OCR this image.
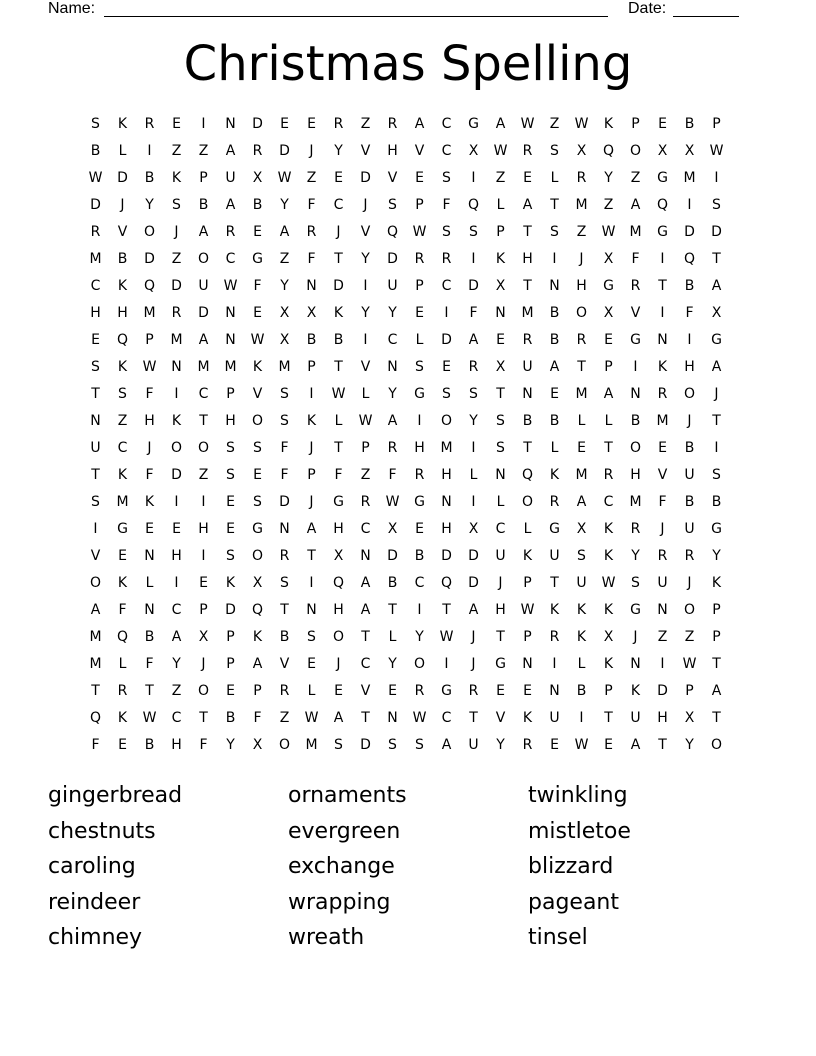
Name:	Date:
Christmas Spelling
S	K	R	E	I	N	D	E	E	R	Z	R	A	C	G	A	W	Z	W	K	P	E	B	P
B	L	I	Z	Z	A	R	D	J	Y	V	H	V	C	X	W	R	S	X	Q	O	X	X	W
W	D	B	K	P	U	X	W	Z	E	D	V	E	S	I	Z	E	L	R	Y	Z	G	M	I
D	J	Y	S	B	A	B	Y	F	C	J	S	P	F	Q	L	A	T	M	Z	A	Q	I	S
R	V	O	J	A	R	E	A	R	J	V	Q	W	S	S	P	T	S	Z	W	M	G	D	D
M	B	D	Z	O	C	G	Z	F	T	Y	D	R	R	I	K	H	I	J	X	F	I	Q	T
C	K	Q	D	U	W	F	Y	N	D	I	U	P	C	D	X	T	N	H	G	R	T	B	A
H	H	M	R	D	N	E	X	X	K	Y	Y	E	I	F	N	M	B	O	X	V	I	F	X
E	Q	P	M	A	N	W	X	B	B	I	C	L	D	A	E	R	B	R	E	G	N	I	G
S	K	W	N	M	M	K	M	P	T	V	N	S	E	R	X	U	A	T	P	I	K	H	A
T	S	F	I	C	P	V	S	I	W	L	Y	G	S	S	T	N	E	M	A	N	R	O	J
N	Z	H	K	T	H	O	S	K	L	W	A	I	O	Y	S	B	B	L	L	B	M	J	T
U	C	J	O	O	S	S	F	J	T	P	R	H	M	I	S	T	L	E	T	O	E	B	I
T	K	F	D	Z	S	E	F	P	F	Z	F	R	H	L	N	Q	K	M	R	H	V	U	S
S	M	K	I	I	E	S	D	J	G	R	W	G	N	I	L	O	R	A	C	M	F	B	B
I	G	E	E	H	E	G	N	A	H	C	X	E	H	X	C	L	G	X	K	R	J	U	G
V	E	N	H	I	S	O	R	T	X	N	D	B	D	D	U	K	U	S	K	Y	R	R	Y
O	K	L	I	E	K	X	S	I	Q	A	B	C	Q	D	J	P	T	U	W	S	U	J	K
A	F	N	C	P	D	Q	T	N	H	A	T	I	T	A	H	W	K	K	K	G	N	O	P
M	Q	B	A	X	P	K	B	S	O	T	L	Y	W	J	T	P	R	K	X	J	Z	Z	P
M	L	F	Y	J	P	A	V	E	J	C	Y	O	I	J	G	N	I	L	K	N	I	W	T
T	R	T	Z	O	E	P	R	L	E	V	E	R	G	R	E	E	N	B	P	K	D	P	A
Q	K	W	C	T	B	F	Z	W	A	T	N	W	C	T	V	K	U	I	T	U	H	X	T
F	E	B	H	F	Y	X	O	M	S	D	S	S	A	U	Y	R	E	W	E	A	T	Y	O
gingerbread
chestnuts
caroling
reindeer
chimney
ornaments
evergreen
exchange
wrapping
wreath
twinkling
mistletoe
blizzard
pageant
tinsel
